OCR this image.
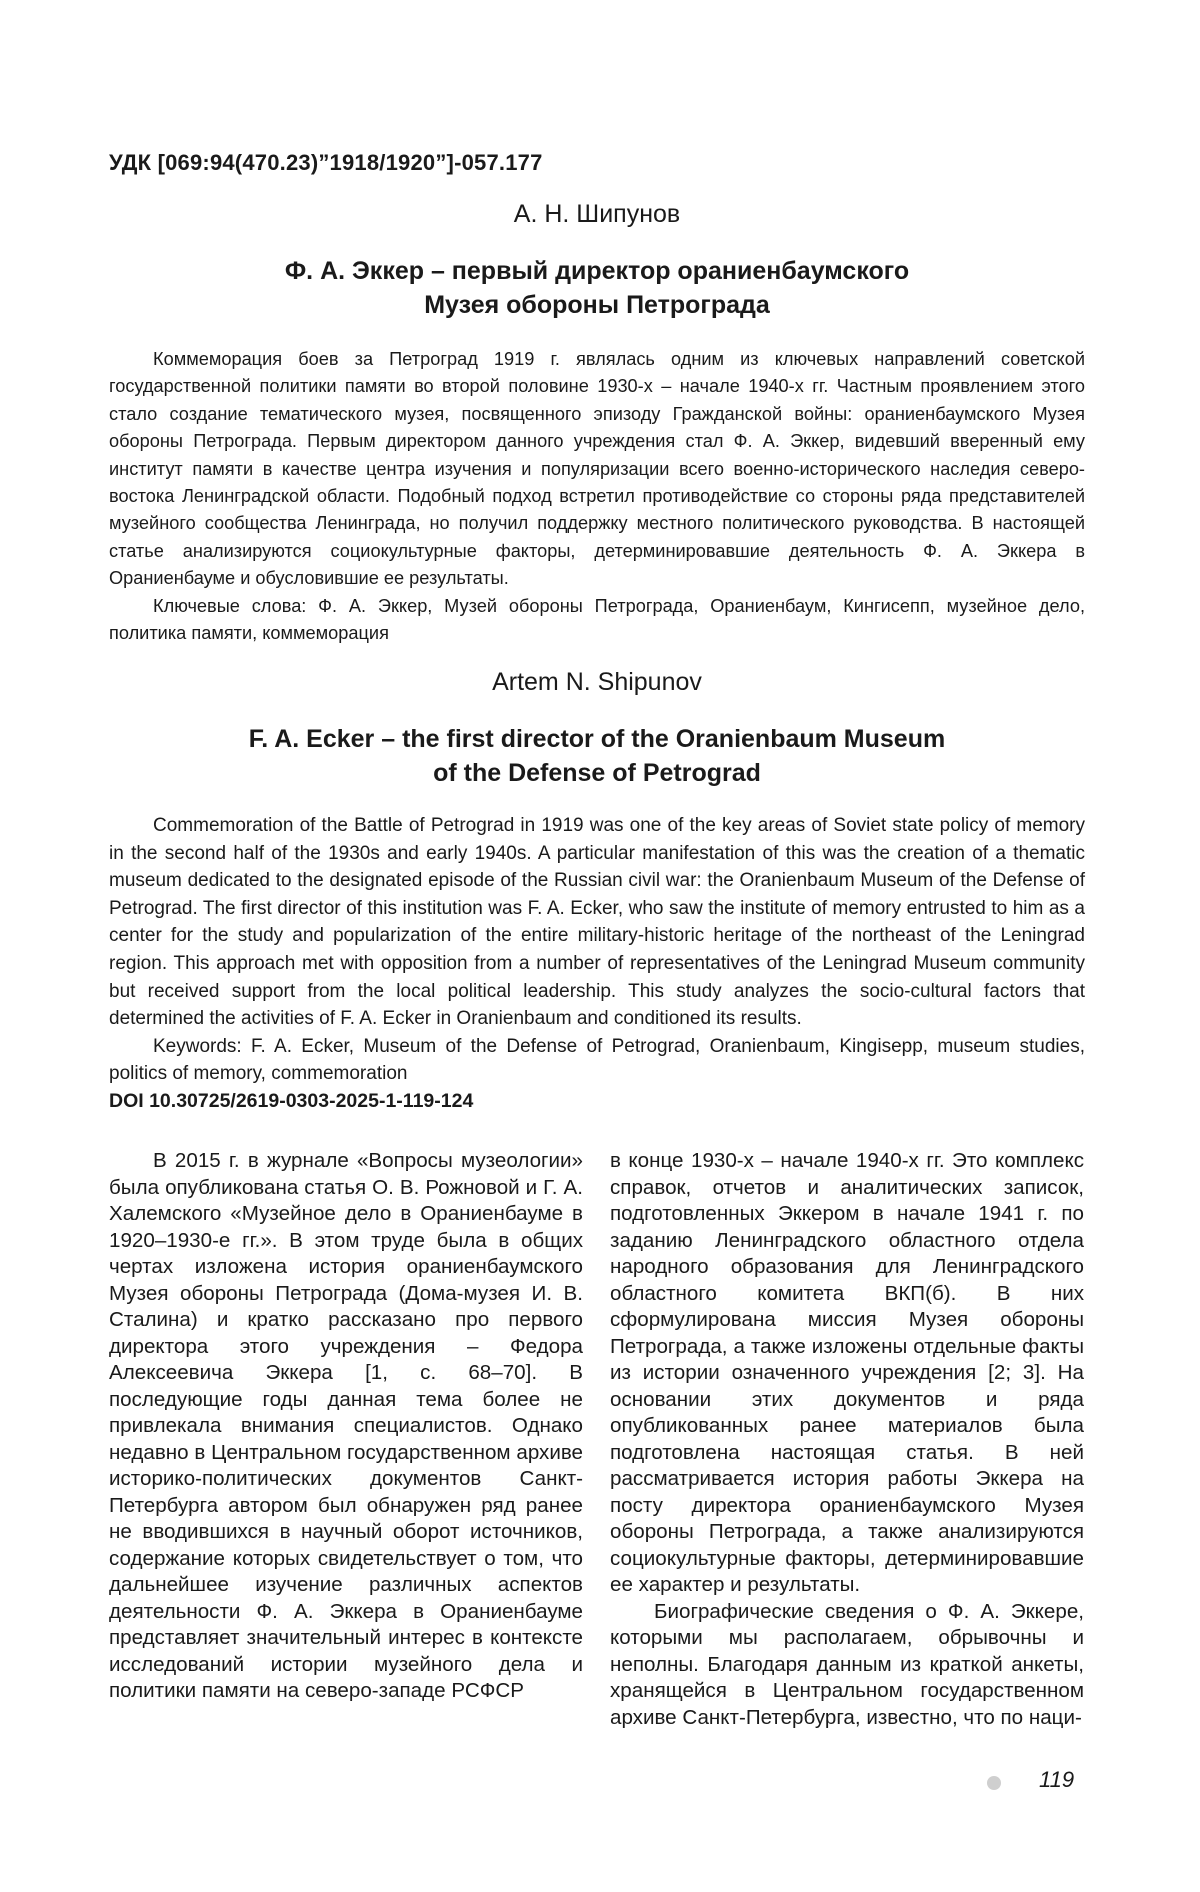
УДК [069:94(470.23)”1918/1920”]-057.177
А. Н. Шипунов
Ф. А. Эккер – первый директор ораниенбаумского
Музея обороны Петрограда

Коммеморация боев за Петроград 1919 г. являлась одним из ключевых направлений советской государственной политики памяти во второй половине 1930-х – начале 1940-х гг. Частным проявлением этого стало создание тематического музея, посвященного эпизоду Гражданской войны: ораниенбаумского Музея обороны Петрограда. Первым директором данного учреждения стал Ф. А. Эккер, видевший вверенный ему институт памяти в качестве центра изучения и популяризации всего военно-исторического наследия северо-востока Ленинградской области. Подобный подход встретил противодействие со стороны ряда представителей музейного сообщества Ленинграда, но получил поддержку местного политического руководства. В настоящей статье анализируются социокультурные факторы, детерминировавшие деятельность Ф. А. Эккера в Ораниенбауме и обусловившие ее результаты.

Ключевые слова: Ф. А. Эккер, Музей обороны Петрограда, Ораниенбаум, Кингисепп, музейное дело, политика памяти, коммеморация

Artem N. Shipunov
F. A. Ecker – the first director of the Oranienbaum Museum
of the Defense of Petrograd

Commemoration of the Battle of Petrograd in 1919 was one of the key areas of Soviet state policy of memory in the second half of the 1930s and early 1940s. A particular manifestation of this was the creation of a thematic museum dedicated to the designated episode of the Russian civil war: the Oranienbaum Museum of the Defense of Petrograd. The first director of this institution was F. A. Ecker, who saw the institute of memory entrusted to him as a center for the study and popularization of the entire military-historic heritage of the northeast of the Leningrad region. This approach met with opposition from a number of representatives of the Leningrad Museum community but received support from the local political leadership. This study analyzes the socio-cultural factors that determined the activities of F. A. Ecker in Oranienbaum and conditioned its results.

Keywords: F. A. Ecker, Museum of the Defense of Petrograd, Oranienbaum, Kingisepp, museum studies, politics of memory, commemoration

DOI 10.30725/2619-0303-2025-1-119-124

В 2015 г. в журнале «Вопросы музеологии» была опубликована статья О. В. Рожновой и Г. А. Халемского «Музейное дело в Ораниенбауме в 1920–1930-е гг.». В этом труде была в общих чертах изложена история ораниенбаумского Музея обороны Петрограда (Дома-музея И. В. Сталина) и кратко рассказано про первого директора этого учреждения – Федора Алексеевича Эккера [1, с. 68–70]. В последующие годы данная тема более не привлекала внимания специалистов. Однако недавно в Центральном государственном архиве историко-политических документов Санкт-Петербурга автором был обнаружен ряд ранее не вводившихся в научный оборот источников, содержание которых свидетельствует о том, что дальнейшее изучение различных аспектов деятельности Ф. А. Эккера в Ораниенбауме представляет значительный интерес в контексте исследований истории музейного дела и политики памяти на северо-западе РСФСР

в конце 1930-х – начале 1940-х гг. Это комплекс справок, отчетов и аналитических записок, подготовленных Эккером в начале 1941 г. по заданию Ленинградского областного отдела народного образования для Ленинградского областного комитета ВКП(б). В них сформулирована миссия Музея обороны Петрограда, а также изложены отдельные факты из истории означенного учреждения [2; 3]. На основании этих документов и ряда опубликованных ранее материалов была подготовлена настоящая статья. В ней рассматривается история работы Эккера на посту директора ораниенбаумского Музея обороны Петрограда, а также анализируются социокультурные факторы, детерминировавшие ее характер и результаты.

Биографические сведения о Ф. А. Эккере, которыми мы располагаем, обрывочны и неполны. Благодаря данным из краткой анкеты, хранящейся в Центральном государственном архиве Санкт-Петербурга, известно, что по наци-

119
